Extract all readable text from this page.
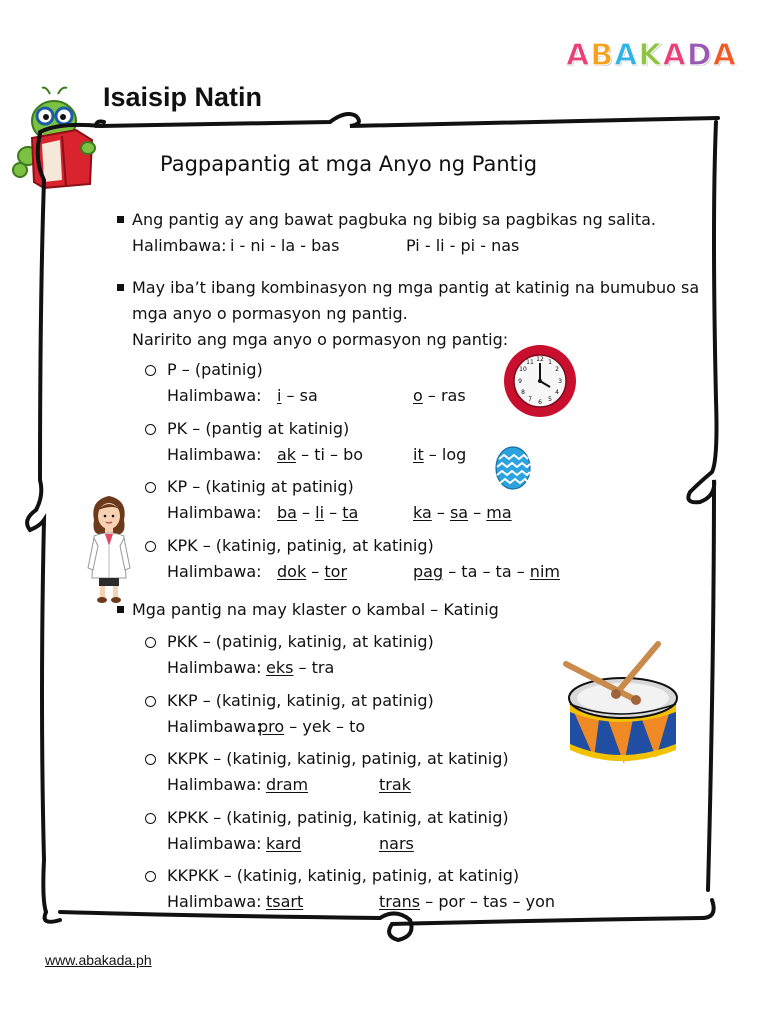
ABAKADA
Isaisip Natin
Pagpapantig at mga Anyo ng Pantig
Ang pantig ay ang bawat pagbuka ng bibig sa pagbikas ng salita.
Halimbawa: i - ni - la - bas	Pi - li - pi - nas
May iba’t ibang kombinasyon ng mga pantig at katinig na bumubuo sa
mga anyo o pormasyon ng pantig.
Naririto ang mga anyo o pormasyon ng pantig:
P – (patinig)
Halimbawa: i – sa	o – ras
PK – (pantig at katinig)
Halimbawa: ak – ti – bo	it – log
KP – (katinig at patinig)
Halimbawa: ba – li – ta	ka – sa – ma
KPK – (katinig, patinig, at katinig)
Halimbawa: dok – tor	pag – ta – ta – nim
Mga pantig na may klaster o kambal – Katinig
PKK – (patinig, katinig, at katinig)
Halimbawa: eks – tra
KKP – (katinig, katinig, at patinig)
Halimbawa:
pro – yek – to
KKPK – (katinig, katinig, patinig, at katinig)
Halimbawa: dram	trak
KPKK – (katinig, patinig, katinig, at katinig)
Halimbawa: kard	nars
KKPKK – (katinig, katinig, patinig, at katinig)
Halimbawa: tsart	trans – por – tas – yon
12 1
2
3
4
5
6
7
8
9
10
11
www.abakada.ph
